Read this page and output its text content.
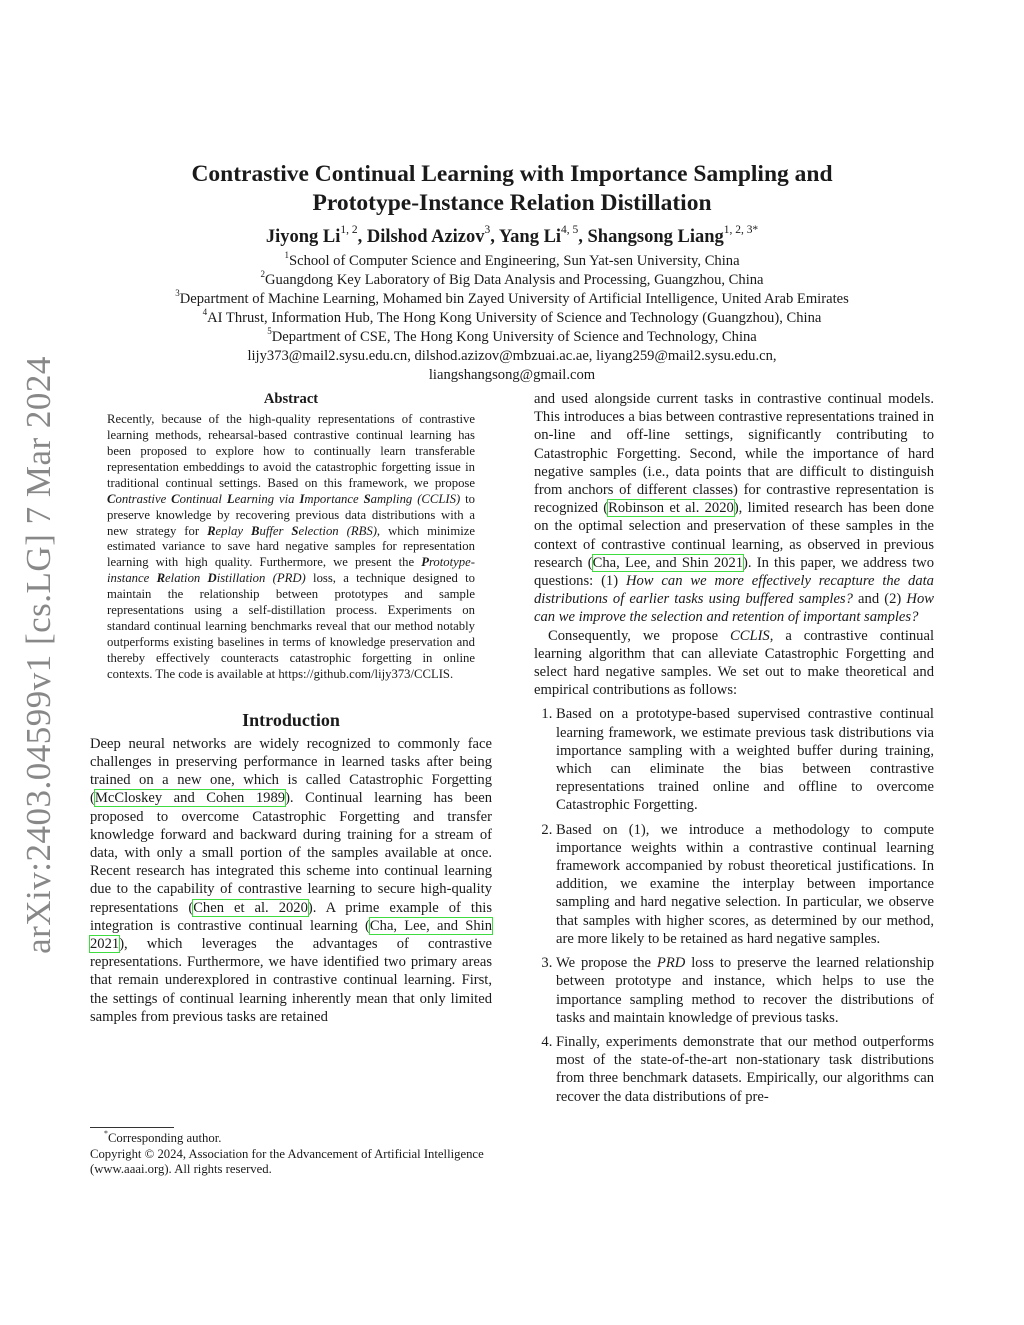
arXiv:2403.04599v1 [cs.LG] 7 Mar 2024
Contrastive Continual Learning with Importance Sampling and
Prototype-Instance Relation Distillation
Jiyong Li$^{1, 2}$, Dilshod Azizov$^3$, Yang Li$^{4, 5}$, Shangsong Liang$^{1, 2, 3*}$
$^1$School of Computer Science and Engineering, Sun Yat-sen University, China
$^2$Guangdong Key Laboratory of Big Data Analysis and Processing, Guangzhou, China
$^3$Department of Machine Learning, Mohamed bin Zayed University of Artificial Intelligence, United Arab Emirates
$^4$AI Thrust, Information Hub, The Hong Kong University of Science and Technology (Guangzhou), China
$^5$Department of CSE, The Hong Kong University of Science and Technology, China
lijy373@mail2.sysu.edu.cn, dilshod.azizov@mbzuai.ac.ae, liyang259@mail2.sysu.edu.cn,
liangshangsong@gmail.com
Abstract

Recently, because of the high-quality representations of contrastive learning methods, rehearsal-based contrastive continual learning has been proposed to explore how to continually learn transferable representation embeddings to avoid the catastrophic forgetting issue in traditional continual settings. Based on this framework, we propose Contrastive Continual Learning via Importance Sampling (CCLIS) to preserve knowledge by recovering previous data distributions with a new strategy for Replay Buffer Selection (RBS), which minimize estimated variance to save hard negative samples for representation learning with high quality. Furthermore, we present the Prototype-instance Relation Distillation (PRD) loss, a technique designed to maintain the relationship between prototypes and sample representations using a self-distillation process. Experiments on standard continual learning benchmarks reveal that our method notably outperforms existing baselines in terms of knowledge preservation and thereby effectively counteracts catastrophic forgetting in online contexts. The code is available at https://github.com/lijy373/CCLIS.

Introduction

Deep neural networks are widely recognized to commonly face challenges in preserving performance in learned tasks after being trained on a new one, which is called Catastrophic Forgetting (McCloskey and Cohen 1989). Continual learning has been proposed to overcome Catastrophic Forgetting and transfer knowledge forward and backward during training for a stream of data, with only a small portion of the samples available at once. Recent research has integrated this scheme into continual learning due to the capability of contrastive learning to secure high-quality representations (Chen et al. 2020). A prime example of this integration is contrastive continual learning (Cha, Lee, and Shin 2021), which leverages the advantages of contrastive representations. Furthermore, we have identified two primary areas that remain underexplored in contrastive continual learning. First, the settings of continual learning inherently mean that only limited samples from previous tasks are retained

*Corresponding author.
Copyright © 2024, Association for the Advancement of Artificial Intelligence (www.aaai.org). All rights reserved.

and used alongside current tasks in contrastive continual models. This introduces a bias between contrastive representations trained in on-line and off-line settings, significantly contributing to Catastrophic Forgetting. Second, while the importance of hard negative samples (i.e., data points that are difficult to distinguish from anchors of different classes) for contrastive representation is recognized (Robinson et al. 2020), limited research has been done on the optimal selection and preservation of these samples in the context of contrastive continual learning, as observed in previous research (Cha, Lee, and Shin 2021). In this paper, we address two questions: (1) How can we more effectively recapture the data distributions of earlier tasks using buffered samples? and (2) How can we improve the selection and retention of important samples?

Consequently, we propose CCLIS, a contrastive continual learning algorithm that can alleviate Catastrophic Forgetting and select hard negative samples. We set out to make theoretical and empirical contributions as follows:

1. Based on a prototype-based supervised contrastive continual learning framework, we estimate previous task distributions via importance sampling with a weighted buffer during training, which can eliminate the bias between contrastive representations trained online and offline to overcome Catastrophic Forgetting.
2. Based on (1), we introduce a methodology to compute importance weights within a contrastive continual learning framework accompanied by robust theoretical justifications. In addition, we examine the interplay between importance sampling and hard negative selection. In particular, we observe that samples with higher scores, as determined by our method, are more likely to be retained as hard negative samples.
3. We propose the PRD loss to preserve the learned relationship between prototype and instance, which helps to use the importance sampling method to recover the distributions of tasks and maintain knowledge of previous tasks.
4. Finally, experiments demonstrate that our method outperforms most of the state-of-the-art non-stationary task distributions from three benchmark datasets. Empirically, our algorithms can recover the data distributions of pre-
